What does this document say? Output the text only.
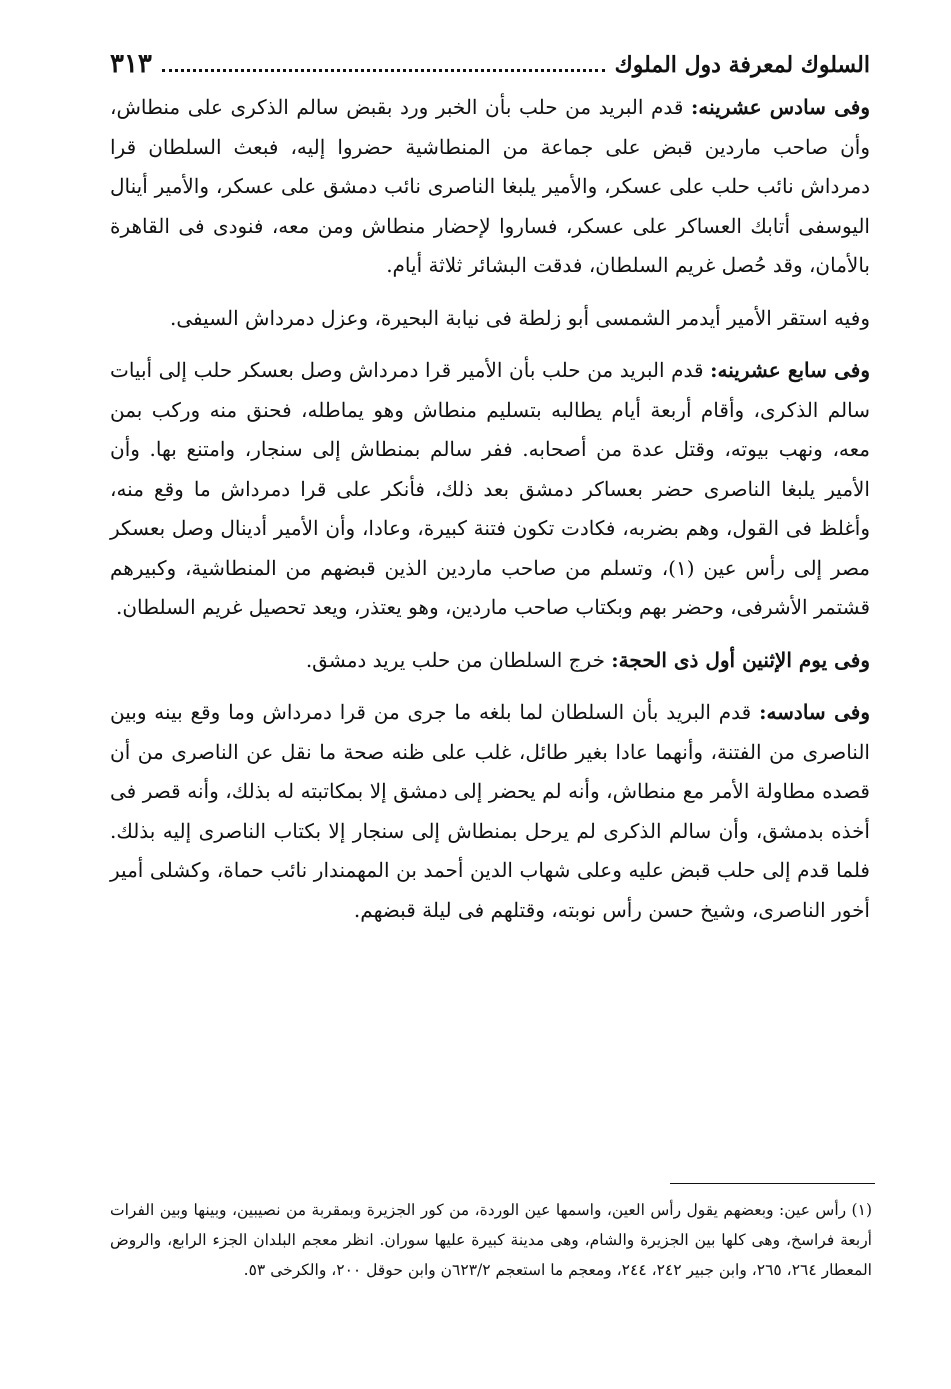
السلوك لمعرفة دول الملوك
٣١٣

وفى سادس عشرينه: قدم البريد من حلب بأن الخبر ورد بقبض سالم الذكرى على منطاش، وأن صاحب ماردين قبض على جماعة من المنطاشية حضروا إليه، فبعث السلطان قرا دمرداش نائب حلب على عسكر، والأمير يلبغا الناصرى نائب دمشق على عسكر، والأمير أينال اليوسفى أتابك العساكر على عسكر، فساروا لإحضار منطاش ومن معه، فنودى فى القاهرة بالأمان، وقد حُصل غريم السلطان، فدقت البشائر ثلاثة أيام.

وفيه استقر الأمير أيدمر الشمسى أبو زلطة فى نيابة البحيرة، وعزل دمرداش السيفى.

وفى سابع عشرينه: قدم البريد من حلب بأن الأمير قرا دمرداش وصل بعسكر حلب إلى أبيات سالم الذكرى، وأقام أربعة أيام يطالبه بتسليم منطاش وهو يماطله، فحنق منه وركب بمن معه، ونهب بيوته، وقتل عدة من أصحابه. ففر سالم بمنطاش إلى سنجار، وامتنع بها. وأن الأمير يلبغا الناصرى حضر بعساكر دمشق بعد ذلك، فأنكر على قرا دمرداش ما وقع منه، وأغلظ فى القول، وهم بضربه، فكادت تكون فتنة كبيرة، وعادا، وأن الأمير أدينال وصل بعسكر مصر إلى رأس عين (١)، وتسلم من صاحب ماردين الذين قبضهم من المنطاشية، وكبيرهم قشتمر الأشرفى، وحضر بهم وبكتاب صاحب ماردين، وهو يعتذر، ويعد تحصيل غريم السلطان.

وفى يوم الإثنين أول ذى الحجة: خرج السلطان من حلب يريد دمشق.

وفى سادسه: قدم البريد بأن السلطان لما بلغه ما جرى من قرا دمرداش وما وقع بينه وبين الناصرى من الفتنة، وأنهما عادا بغير طائل، غلب على ظنه صحة ما نقل عن الناصرى من أن قصده مطاولة الأمر مع منطاش، وأنه لم يحضر إلى دمشق إلا بمكاتبته له بذلك، وأنه قصر فى أخذه بدمشق، وأن سالم الذكرى لم يرحل بمنطاش إلى سنجار إلا بكتاب الناصرى إليه بذلك. فلما قدم إلى حلب قبض عليه وعلى شهاب الدين أحمد بن المهمندار نائب حماة، وكشلى أمير أخور الناصرى، وشيخ حسن رأس نوبته، وقتلهم فى ليلة قبضهم.

(١) رأس عين: وبعضهم يقول رأس العين، واسمها عين الوردة، من كور الجزيرة وبمقربة من نصيبين، وبينها وبين الفرات أربعة فراسخ، وهى كلها بين الجزيرة والشام، وهى مدينة كبيرة عليها سوران. انظر معجم البلدان الجزء الرابع، والروض المعطار ٢٦٤، ٢٦٥، وابن جبير ٢٤٢، ٢٤٤، ومعجم ما استعجم ٦٢٣/٢ن وابن حوقل ٢٠٠، والكرخى ٥٣.
